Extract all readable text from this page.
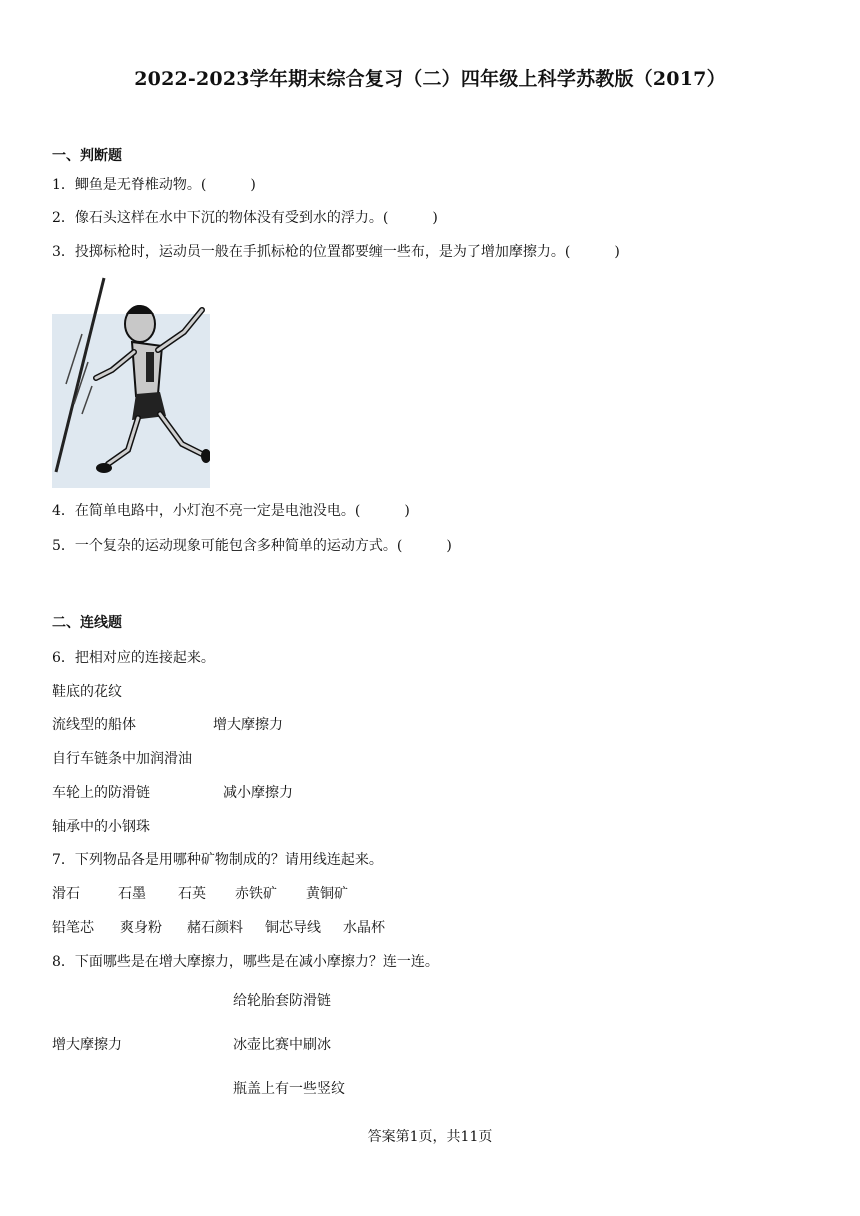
2022-2023学年期末综合复习（二）四年级上科学苏教版（2017）
一、判断题
1．鲫鱼是无脊椎动物。(	)
2．像石头这样在水中下沉的物体没有受到水的浮力。(	)
3．投掷标枪时，运动员一般在手抓标枪的位置都要缠一些布，是为了增加摩擦力。(	)
4．在简单电路中，小灯泡不亮一定是电池没电。(	)
5．一个复杂的运动现象可能包含多种简单的运动方式。(	)
二、连线题
6．把相对应的连接起来。
鞋底的花纹
流线型的船体	增大摩擦力
自行车链条中加润滑油
车轮上的防滑链	减小摩擦力
轴承中的小钢珠
7．下列物品各是用哪种矿物制成的？请用线连起来。
滑石	石墨 石英 赤铁矿 黄铜矿
铅笔芯 爽身粉 赭石颜料 铜芯导线 水晶杯
8．下面哪些是在增大摩擦力，哪些是在减小摩擦力？连一连。
给轮胎套防滑链
增大摩擦力	冰壶比赛中刷冰
瓶盖上有一些竖纹
答案第1页，共11页
